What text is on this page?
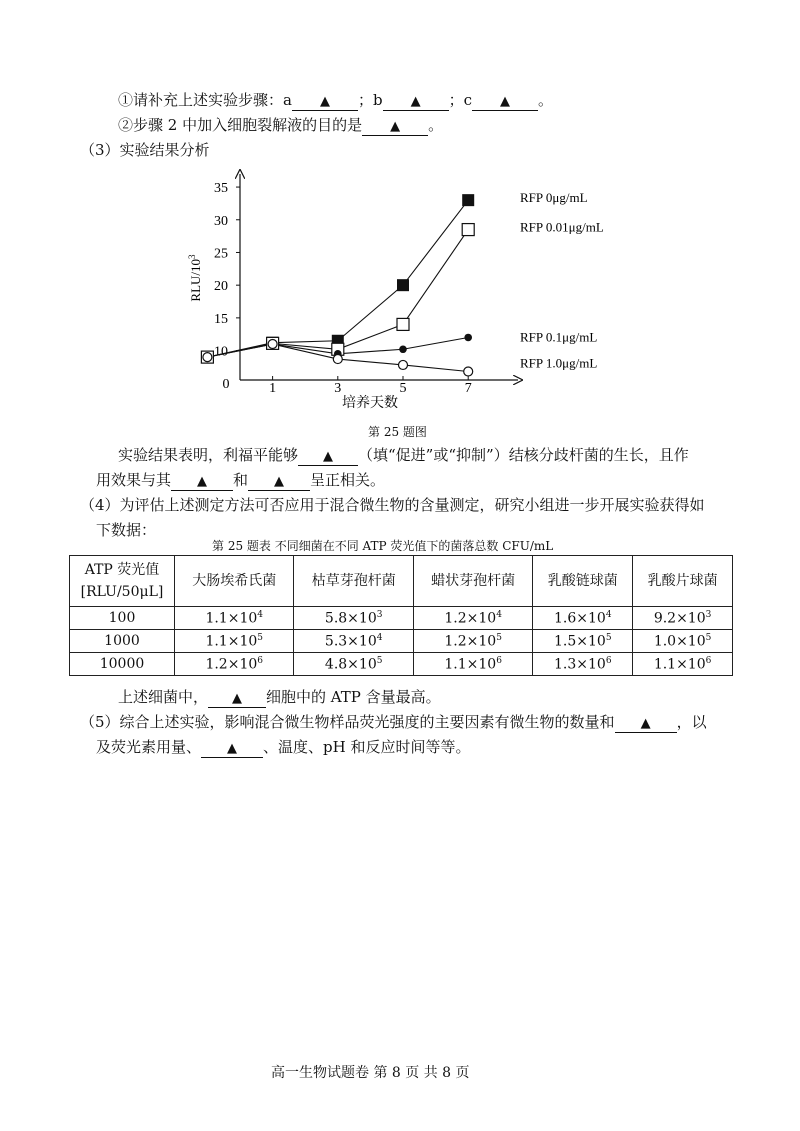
①请补充上述实验步骤：a ▲ ；b ▲ ；c ▲ 。
②步骤 2 中加入细胞裂解液的目的是 ▲ 。
（3）实验结果分析
0
10
15
20
25
30
35
1	3	5	7
RFP 0μg/mL
RFP 0.01μg/mL
RFP 0.1μg/mL
RFP 1.0μg/mL
RLU/$10^3$
培养天数
第 25 题图
实验结果表明，利福平能够 ▲ （填“促进”或“抑制”）结核分歧杆菌的生长，且作
用效果与其 ▲ 和 ▲ 呈正相关。
（4）为评估上述测定方法可否应用于混合微生物的含量测定，研究小组进一步开展实验获得如
下数据：
第 25 题表 不同细菌在不同 ATP 荧光值下的菌落总数 CFU/mL
ATP 荧光值
[RLU/50μL]	大肠埃希氏菌	枯草芽孢杆菌	蜡状芽孢杆菌	乳酸链球菌	乳酸片球菌
100	$1.1\times 10^4$	$5.8\times 10^3$	$1.2\times 10^4$	$1.6\times 10^4$	$9.2\times 10^3$
1000	$1.1\times 10^5$	$5.3\times 10^4$	$1.2\times 10^5$	$1.5\times 10^5$	$1.0\times 10^5$
10000	$1.2\times 10^6$	$4.8\times 10^5$	$1.1\times 10^6$	$1.3\times 10^6$	$1.1\times 10^6$
上述细菌中， ▲ 细胞中的 ATP 含量最高。
（5）综合上述实验，影响混合微生物样品荧光强度的主要因素有微生物的数量和 ▲ ，以
及荧光素用量、 ▲ 、温度、pH 和反应时间等等。
高一生物试题卷 第 8 页 共 8 页
